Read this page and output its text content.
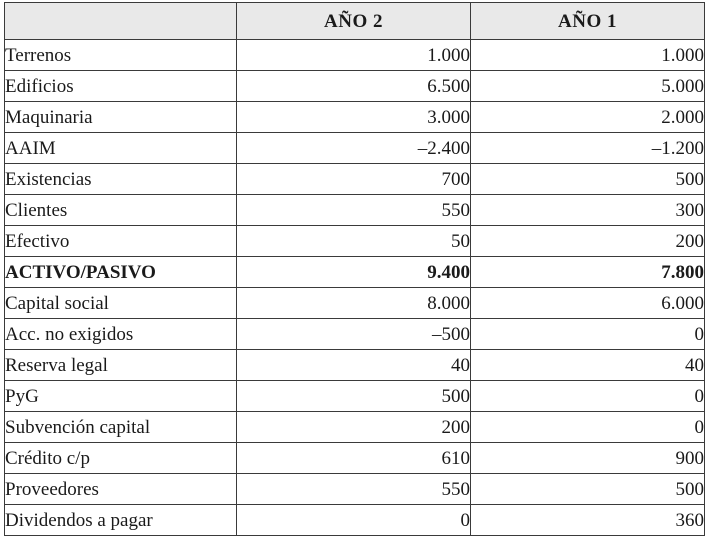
	AÑO 2	AÑO 1
Terrenos	1.000	1.000
Edificios	6.500	5.000
Maquinaria	3.000	2.000
AAIM	–2.400	–1.200
Existencias	700	500
Clientes	550	300
Efectivo	50	200
ACTIVO/PASIVO	9.400	7.800
Capital social	8.000	6.000
Acc. no exigidos	–500	0
Reserva legal	40	40
PyG	500	0
Subvención capital	200	0
Crédito c/p	610	900
Proveedores	550	500
Dividendos a pagar	0	360
